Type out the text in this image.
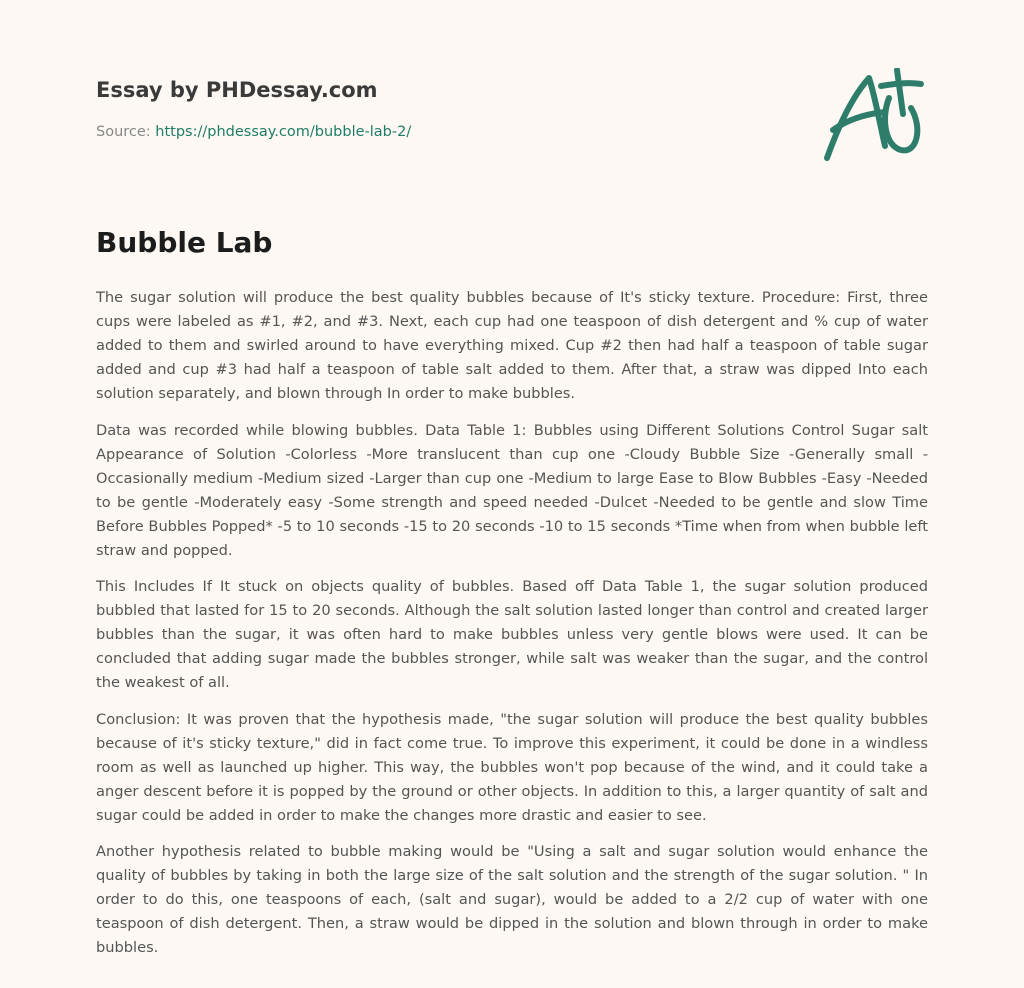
Essay by PHDessay.com
Source: https://phdessay.com/bubble-lab-2/
Bubble Lab

The sugar solution will produce the best quality bubbles because of It's sticky texture. Procedure: First, three cups were labeled as #1, #2, and #3. Next, each cup had one teaspoon of dish detergent and % cup of water added to them and swirled around to have everything mixed. Cup #2 then had half a teaspoon of table sugar added and cup #3 had half a teaspoon of table salt added to them. After that, a straw was dipped Into each solution separately, and blown through In order to make bubbles.

Data was recorded while blowing bubbles. Data Table 1: Bubbles using Different Solutions Control Sugar salt Appearance of Solution -Colorless -More translucent than cup one -Cloudy Bubble Size -Generally small -Occasionally medium -Medium sized -Larger than cup one -Medium to large Ease to Blow Bubbles -Easy -Needed to be gentle -Moderately easy -Some strength and speed needed -Dulcet -Needed to be gentle and slow Time Before Bubbles Popped* -5 to 10 seconds -15 to 20 seconds -10 to 15 seconds *Time when from when bubble left straw and popped.

This Includes If It stuck on objects quality of bubbles. Based off Data Table 1, the sugar solution produced bubbled that lasted for 15 to 20 seconds. Although the salt solution lasted longer than control and created larger bubbles than the sugar, it was often hard to make bubbles unless very gentle blows were used. It can be concluded that adding sugar made the bubbles stronger, while salt was weaker than the sugar, and the control the weakest of all.

Conclusion: It was proven that the hypothesis made, "the sugar solution will produce the best quality bubbles because of it's sticky texture," did in fact come true. To improve this experiment, it could be done in a windless room as well as launched up higher. This way, the bubbles won't pop because of the wind, and it could take a anger descent before it is popped by the ground or other objects. In addition to this, a larger quantity of salt and sugar could be added in order to make the changes more drastic and easier to see.

Another hypothesis related to bubble making would be "Using a salt and sugar solution would enhance the quality of bubbles by taking in both the large size of the salt solution and the strength of the sugar solution. " In order to do this, one teaspoons of each, (salt and sugar), would be added to a 2/2 cup of water with one teaspoon of dish detergent. Then, a straw would be dipped in the solution and blown through in order to make bubbles.
